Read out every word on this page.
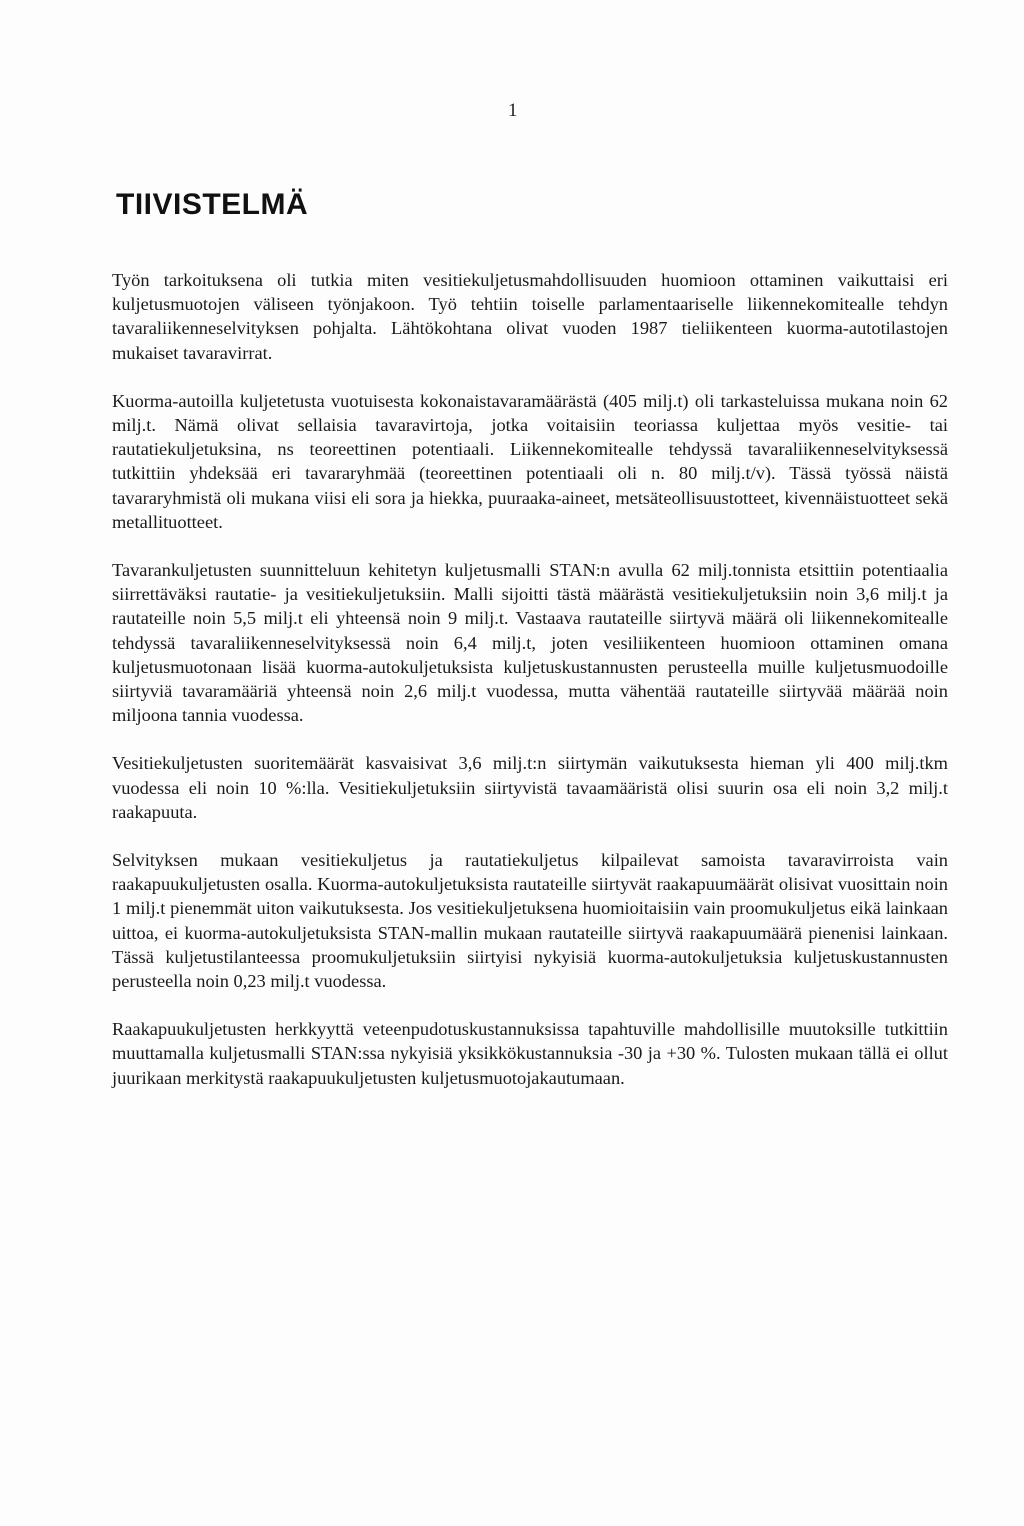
1
TIIVISTELMÄ

Työn tarkoituksena oli tutkia miten vesitiekuljetusmahdollisuuden huomioon ottaminen vaikuttaisi eri kuljetusmuotojen väliseen työnjakoon. Työ tehtiin toiselle parlamentaariselle liikennekomitealle tehdyn tavaraliikenneselvityksen pohjalta. Lähtökohtana olivat vuoden 1987 tieliikenteen kuorma-autotilastojen mukaiset tavaravirrat.

Kuorma-autoilla kuljetetusta vuotuisesta kokonaistavaramäärästä (405 milj.t) oli tarkasteluissa mukana noin 62 milj.t. Nämä olivat sellaisia tavaravirtoja, jotka voitaisiin teoriassa kuljettaa myös vesitie- tai rautatiekuljetuksina, ns teoreettinen potentiaali. Liikennekomitealle tehdyssä tavaraliikenneselvityksessä tutkittiin yhdeksää eri tavararyhmää (teoreettinen potentiaali oli n. 80 milj.t/v). Tässä työssä näistä tavararyhmistä oli mukana viisi eli sora ja hiekka, puuraaka-aineet, metsäteollisuustotteet, kivennäistuotteet sekä metallituotteet.

Tavarankuljetusten suunnitteluun kehitetyn kuljetusmalli STAN:n avulla 62 milj.tonnista etsittiin potentiaalia siirrettäväksi rautatie- ja vesitiekuljetuksiin. Malli sijoitti tästä määrästä vesitiekuljetuksiin noin 3,6 milj.t ja rautateille noin 5,5 milj.t eli yhteensä noin 9 milj.t. Vastaava rautateille siirtyvä määrä oli liikennekomitealle tehdyssä tavaraliikenneselvityksessä noin 6,4 milj.t, joten vesiliikenteen huomioon ottaminen omana kuljetusmuotonaan lisää kuorma-autokuljetuksista kuljetuskustannusten perusteella muille kuljetusmuodoille siirtyviä tavaramääriä yhteensä noin 2,6 milj.t vuodessa, mutta vähentää rautateille siirtyvää määrää noin miljoona tannia vuodessa.

Vesitiekuljetusten suoritemäärät kasvaisivat 3,6 milj.t:n siirtymän vaikutuksesta hieman yli 400 milj.tkm vuodessa eli noin 10 %:lla. Vesitiekuljetuksiin siirtyvistä tavaamääristä olisi suurin osa eli noin 3,2 milj.t raakapuuta.

Selvityksen mukaan vesitiekuljetus ja rautatiekuljetus kilpailevat samoista tavaravirroista vain raakapuukuljetusten osalla. Kuorma-autokuljetuksista rautateille siirtyvät raakapuumäärät olisivat vuosittain noin 1 milj.t pienemmät uiton vaikutuksesta. Jos vesitiekuljetuksena huomioitaisiin vain proomukuljetus eikä lainkaan uittoa, ei kuorma-autokuljetuksista STAN-mallin mukaan rautateille siirtyvä raakapuumäärä pienenisi lainkaan. Tässä kuljetustilanteessa proomukuljetuksiin siirtyisi nykyisiä kuorma-autokuljetuksia kuljetuskustannusten perusteella noin 0,23 milj.t vuodessa.

Raakapuukuljetusten herkkyyttä veteenpudotuskustannuksissa tapahtuville mahdollisille muutoksille tutkittiin muuttamalla kuljetusmalli STAN:ssa nykyisiä yksikkökustannuksia -30 ja +30 %. Tulosten mukaan tällä ei ollut juurikaan merkitystä raakapuukuljetusten kuljetusmuotojakautumaan.
